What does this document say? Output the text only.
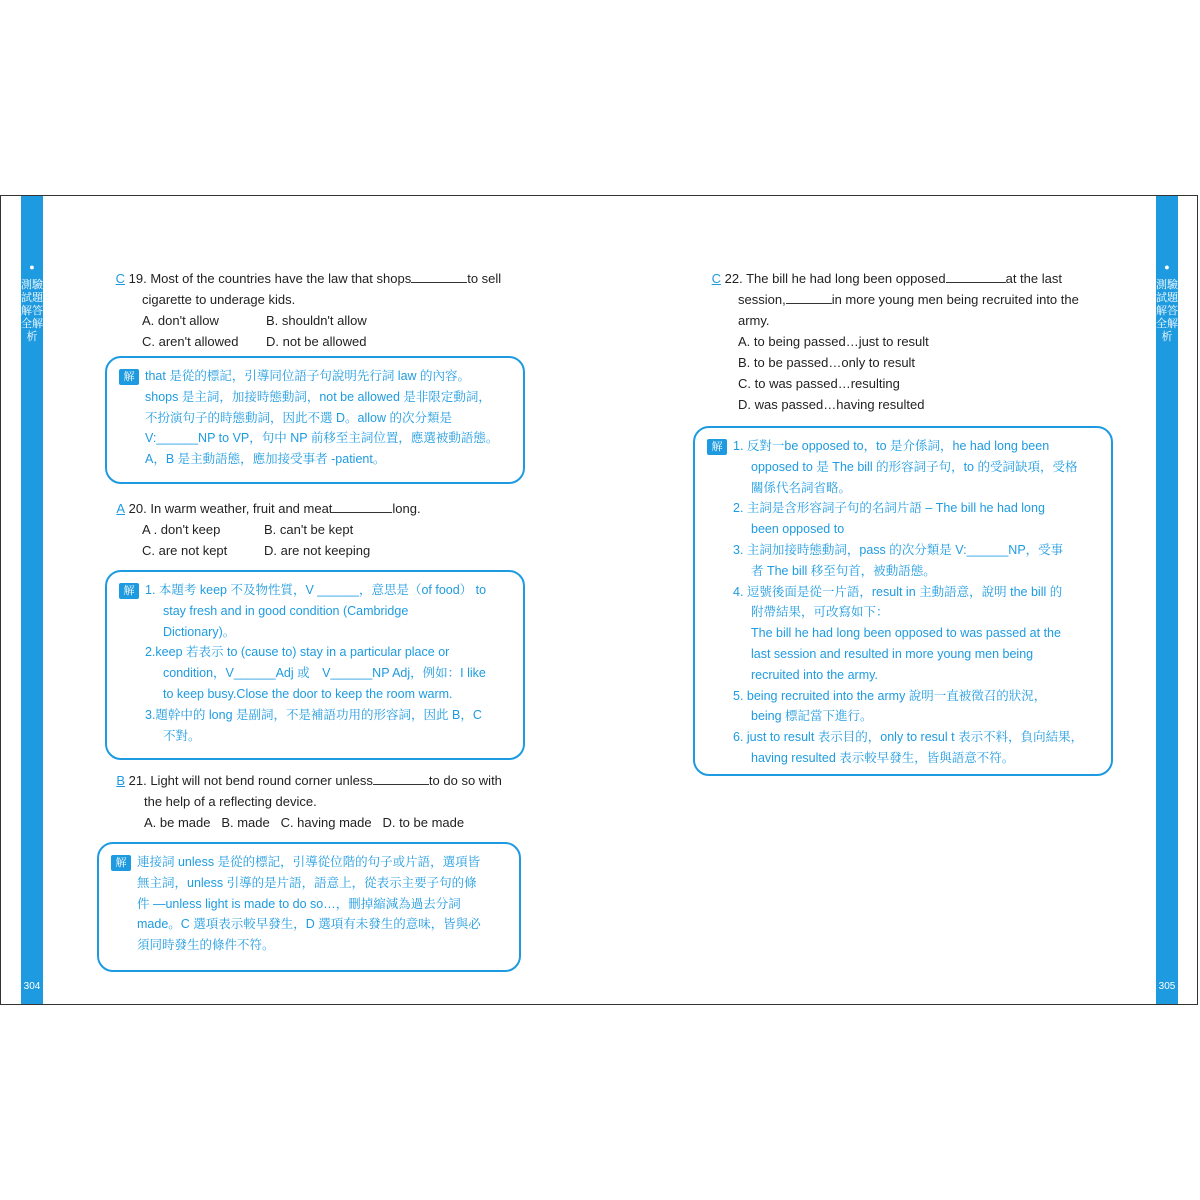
●
測驗試題解答全解析
304
●
測驗試題解答全解析
305
C 19. Most of the countries have the law that shops	to sell
cigarette to underage kids.
A. don't allow	B. shouldn't allow
C. aren't allowed D. not be allowed
解 that 是從的標記，引導同位語子句說明先行詞 law 的內容。
shops 是主詞，加接時態動詞，not be allowed 是非限定動詞，
不扮演句子的時態動詞，因此不選 D。allow 的次分類是
V:______NP to VP，句中 NP 前移至主詞位置，應選被動語態。
A，B 是主動語態，應加接受事者 -patient。
A 20. In warm weather, fruit and meat	long.
A . don't keep	B. can't be kept
C. are not kept	D. are not keeping
解 1. 本題考 keep 不及物性質，V ______，意思是（of food） to
stay fresh and in good condition (Cambridge
Dictionary)。
2.keep 若表示 to (cause to) stay in a particular place or
condition，V______Adj 或　V______NP Adj，例如：I like
to keep busy.Close the door to keep the room warm.
3.題幹中的 long 是副詞，不是補語功用的形容詞，因此 B，C
不對。
B 21. Light will not bend round corner unless	to do so with
the help of a reflecting device.
A. be made   B. made   C. having made   D. to be made
解 連接詞 unless 是從的標記，引導從位階的句子或片語，選項皆
無主詞，unless 引導的是片語，語意上，從表示主要子句的條
件 —unless light is made to do so…，刪掉縮減為過去分詞
made。C 選項表示較早發生，D 選項有未發生的意味，皆與必
須同時發生的條件不符。
C 22. The bill he had long been opposed	at the last
session,	in more young men being recruited into the
army.
A. to being passed…just to result
B. to be passed…only to result
C. to was passed…resulting
D. was passed…having resulted
解 1. 反對一be opposed to，to 是介係詞，he had long been
opposed to 是 The bill 的形容詞子句，to 的受詞缺項，受格
關係代名詞省略。
2. 主詞是含形容詞子句的名詞片語 – The bill he had long
been opposed to
3. 主詞加接時態動詞，pass 的次分類是 V:______NP，受事
者 The bill 移至句首，被動語態。
4. 逗號後面是從一片語，result in 主動語意，說明 the bill 的
附帶結果，可改寫如下：
The bill he had long been opposed to was passed at the
last session and resulted in more young men being
recruited into the army.
5. being recruited into the army 說明一直被徵召的狀況，
being 標記當下進行。
6. just to result 表示目的，only to resul t 表示不料，負向結果，
having resulted 表示較早發生，皆與語意不符。
